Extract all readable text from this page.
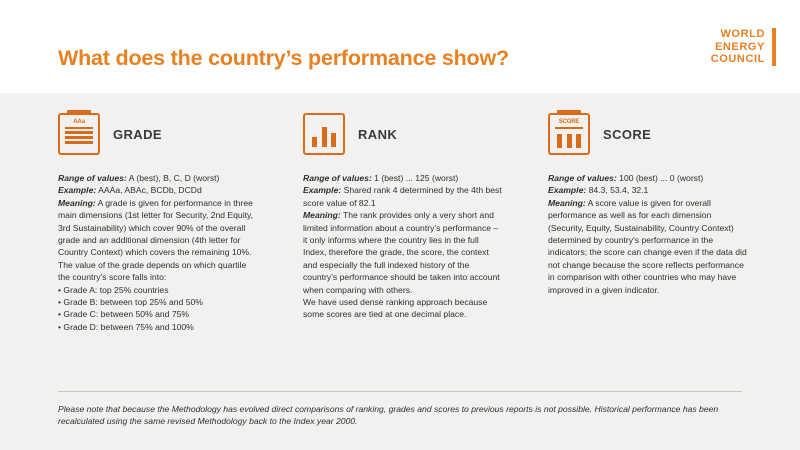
What does the country’s performance show?
WORLD
ENERGY
COUNCIL
AAa
GRADE

Range of values: A (best), B, C, D (worst)

Example: AAAa, ABAc, BCDb, DCDd

Meaning: A grade is given for performance in three main dimensions (1st letter for Security, 2nd Equity, 3rd Sustainability) which cover 90% of the overall grade and an additional dimension (4th letter for Country Context) which covers the remaining 10%. The value of the grade depends on which quartile the country’s score falls into:

• Grade A: top 25% countries

• Grade B: between top 25% and 50%

• Grade C: between 50% and 75%

• Grade D: between 75% and 100%

RANK

Range of values: 1 (best) ... 125 (worst)

Example: Shared rank 4 determined by the 4th best score value of 82.1

Meaning: The rank provides only a very short and limited information about a country’s performance – it only informs where the country lies in the full Index, therefore the grade, the score, the context and especially the full indexed history of the country’s performance should be taken into account when comparing with others.

We have used dense ranking approach because some scores are tied at one decimal place.

SCORE
SCORE

Range of values: 100 (best) ... 0 (worst)

Example: 84.3, 53.4, 32.1

Meaning: A score value is given for overall performance as well as for each dimension (Security, Equity, Sustainability, Country Context) determined by country’s performance in the indicators; the score can change even if the data did not change because the score reflects performance in comparison with other countries who may have improved in a given indicator.

Please note that because the Methodology has evolved direct comparisons of ranking, grades and scores to previous reports is not possible. Historical performance has been recalculated using the same revised Methodology back to the Index year 2000.
